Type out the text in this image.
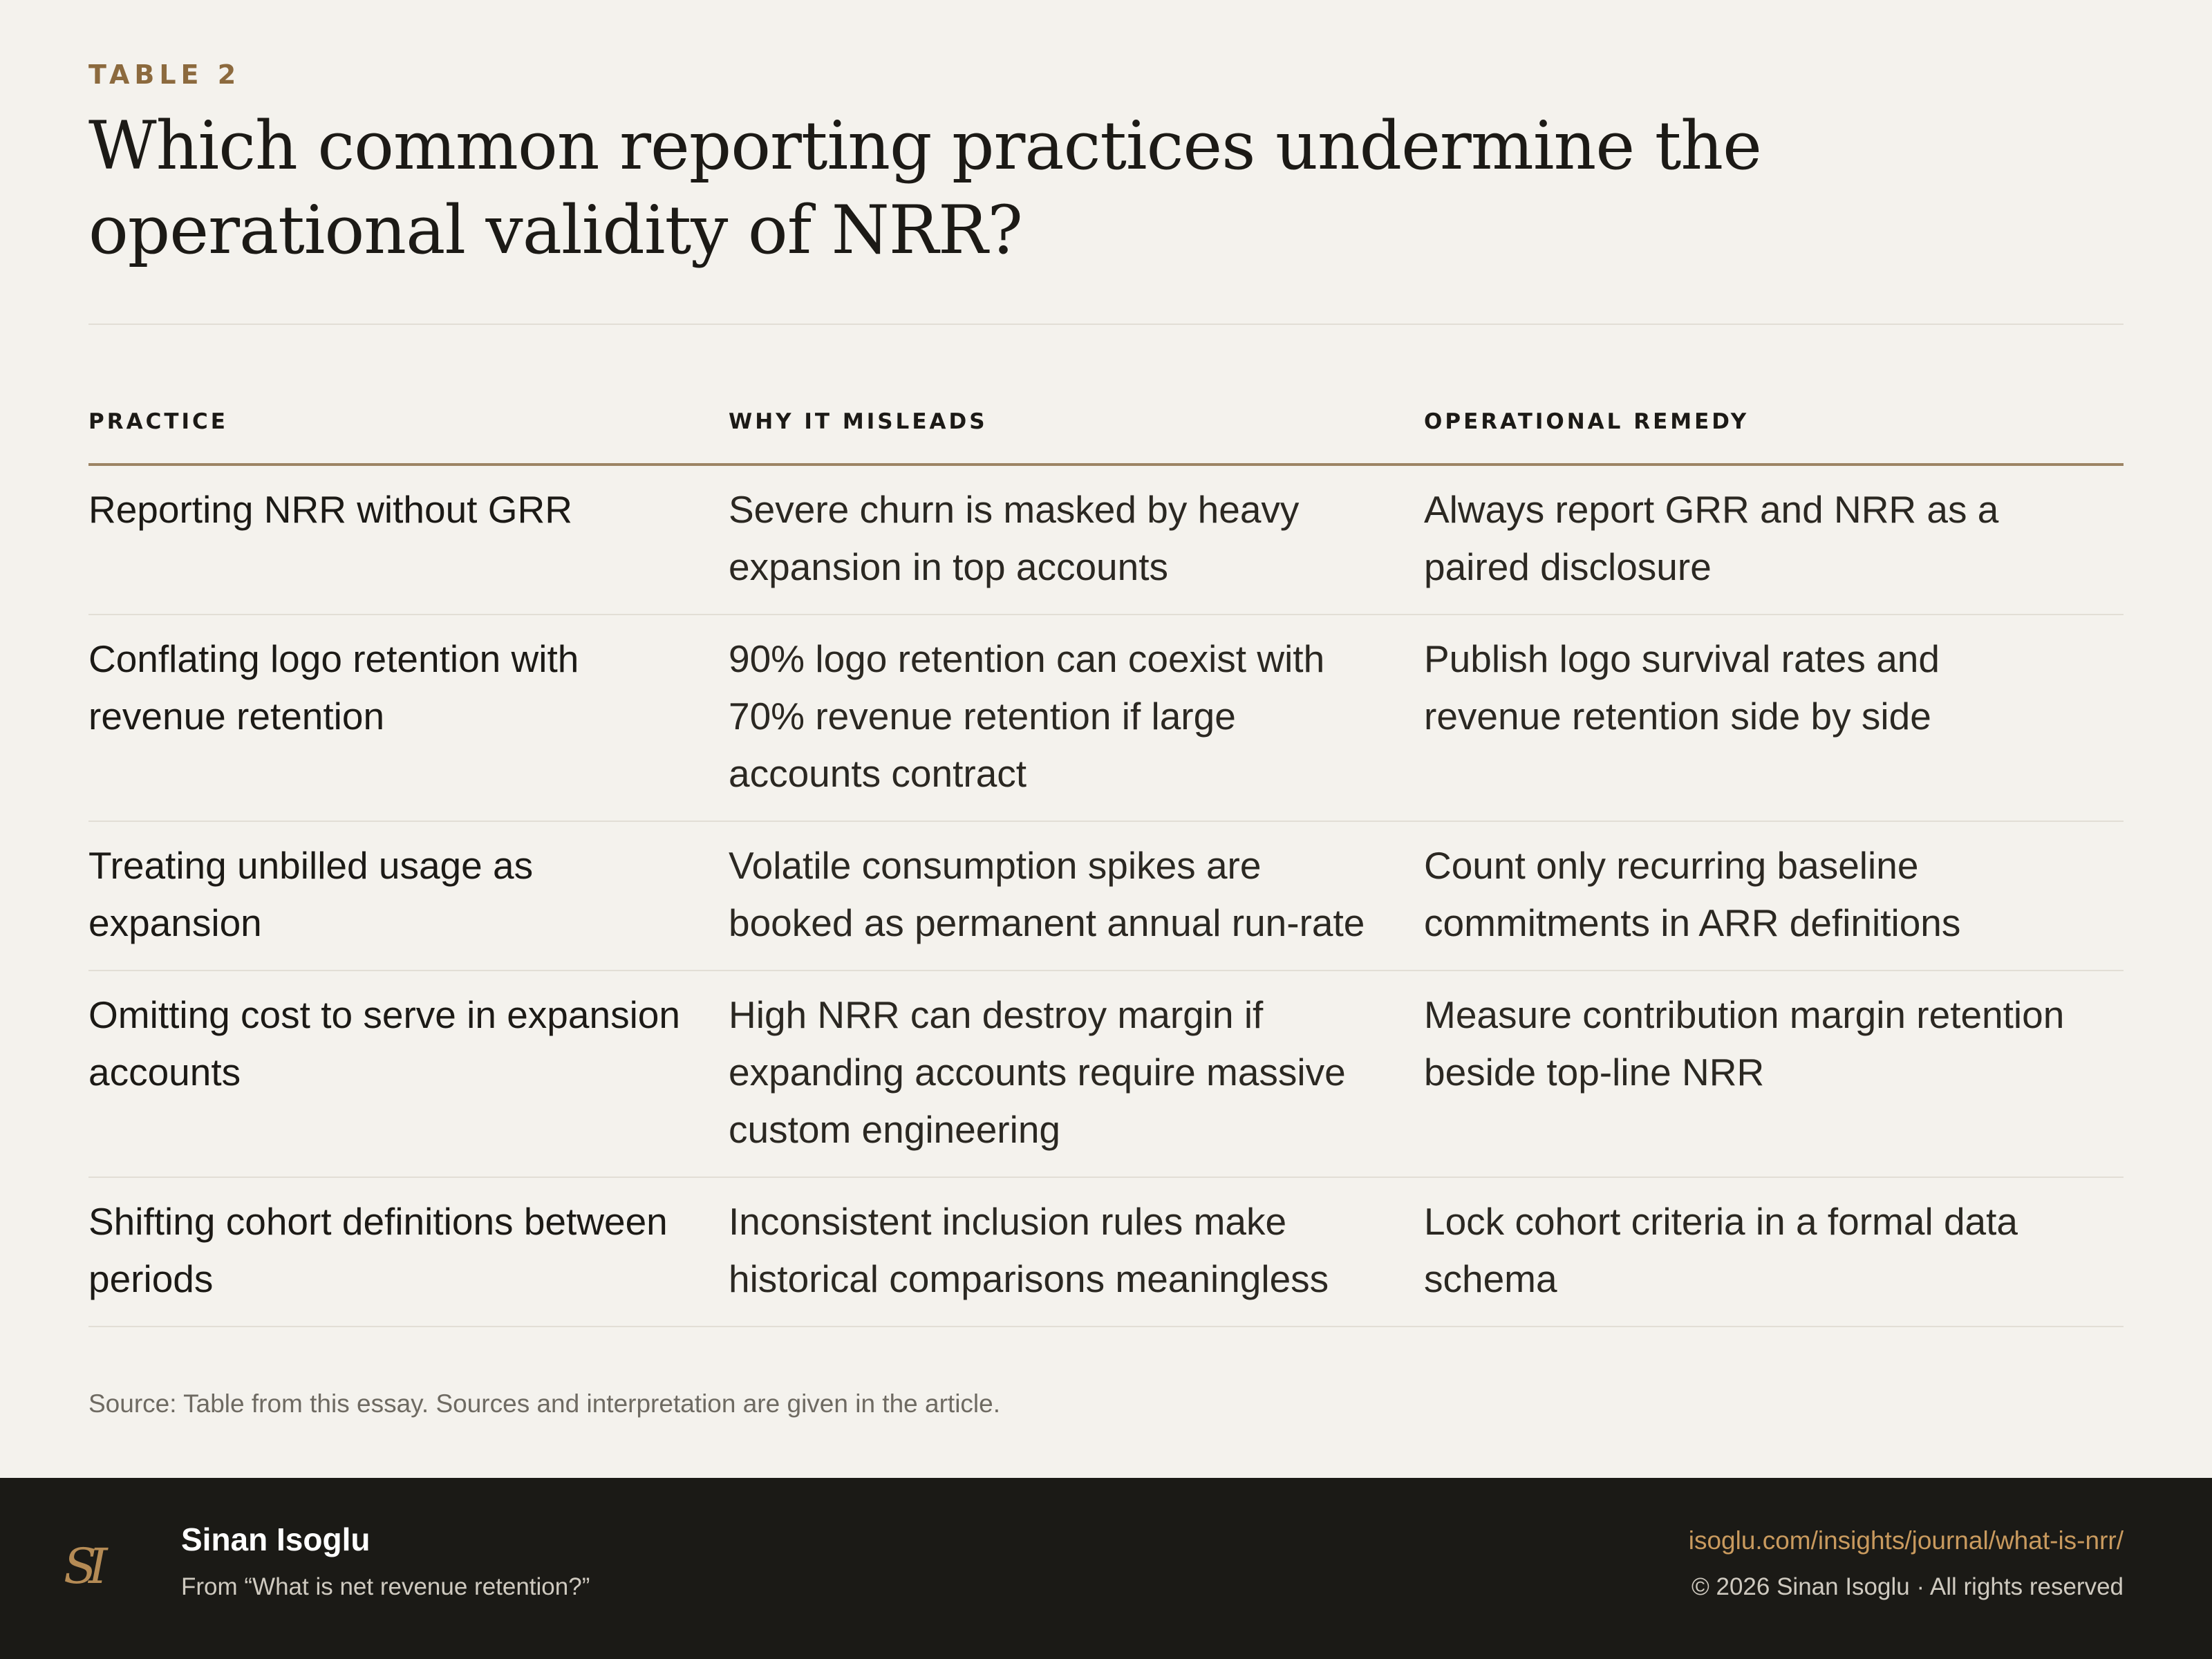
TABLE 2
Which common reporting practices undermine the operational validity of NRR?
PRACTICE	WHY IT MISLEADS	OPERATIONAL REMEDY
Reporting NRR without GRR	Severe churn is masked by heavy expansion in top accounts	Always report GRR and NRR as a paired disclosure
Conflating logo retention with revenue retention	90% logo retention can coexist with 70% revenue retention if large accounts contract	Publish logo survival rates and revenue retention side by side
Treating unbilled usage as expansion	Volatile consumption spikes are booked as permanent annual run-rate	Count only recurring baseline commitments in ARR definitions
Omitting cost to serve in expansion accounts	High NRR can destroy margin if expanding accounts require massive custom engineering	Measure contribution margin retention beside top-line NRR
Shifting cohort definitions between periods	Inconsistent inclusion rules make historical comparisons meaningless	Lock cohort criteria in a formal data schema
Source: Table from this essay. Sources and interpretation are given in the article.
SI	Sinan Isoglu
From “What is net revenue retention?”
isoglu.com/insights/journal/what-is-nrr/
© 2026 Sinan Isoglu · All rights reserved
